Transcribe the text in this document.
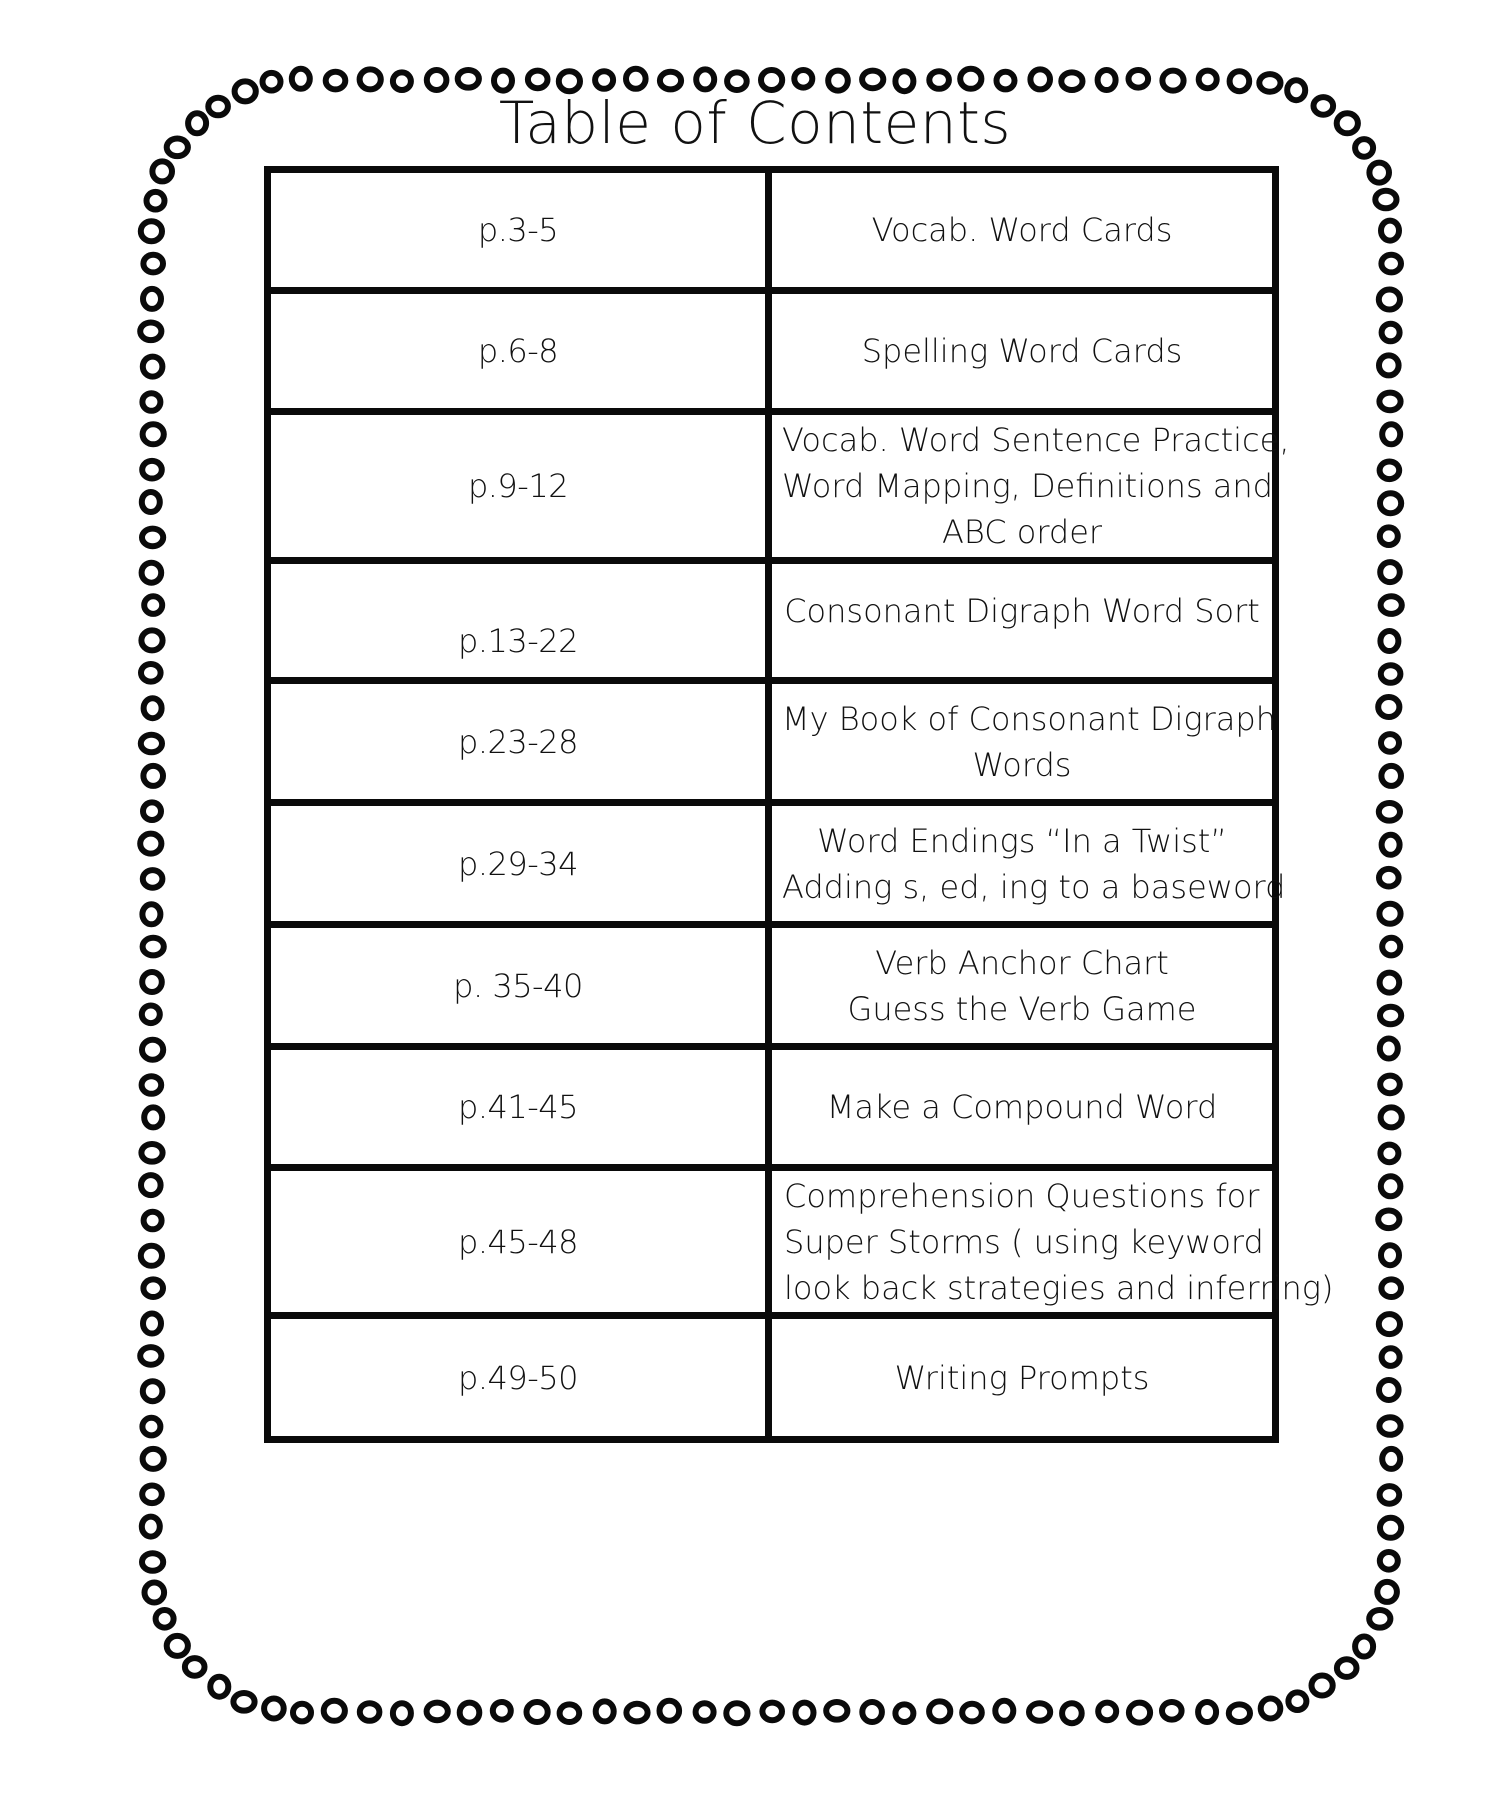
Table of Contents
p.3-5	Vocab. Word Cards

p.6-8	Spelling Word Cards

p.9-12	Vocab. Word Sentence Practice,
Word Mapping, Definitions and
ABC order

p.13-22	Consonant Digraph Word Sort

p.23-28	My Book of Consonant Digraph
Words

p.29-34	Word Endings “In a Twist”
Adding s, ed, ing to a baseword

p. 35-40	Verb Anchor Chart
Guess the Verb Game

p.41-45	Make a Compound Word

p.45-48	Comprehension Questions for
Super Storms ( using keyword
look back strategies and inferring)

p.49-50	Writing Prompts
